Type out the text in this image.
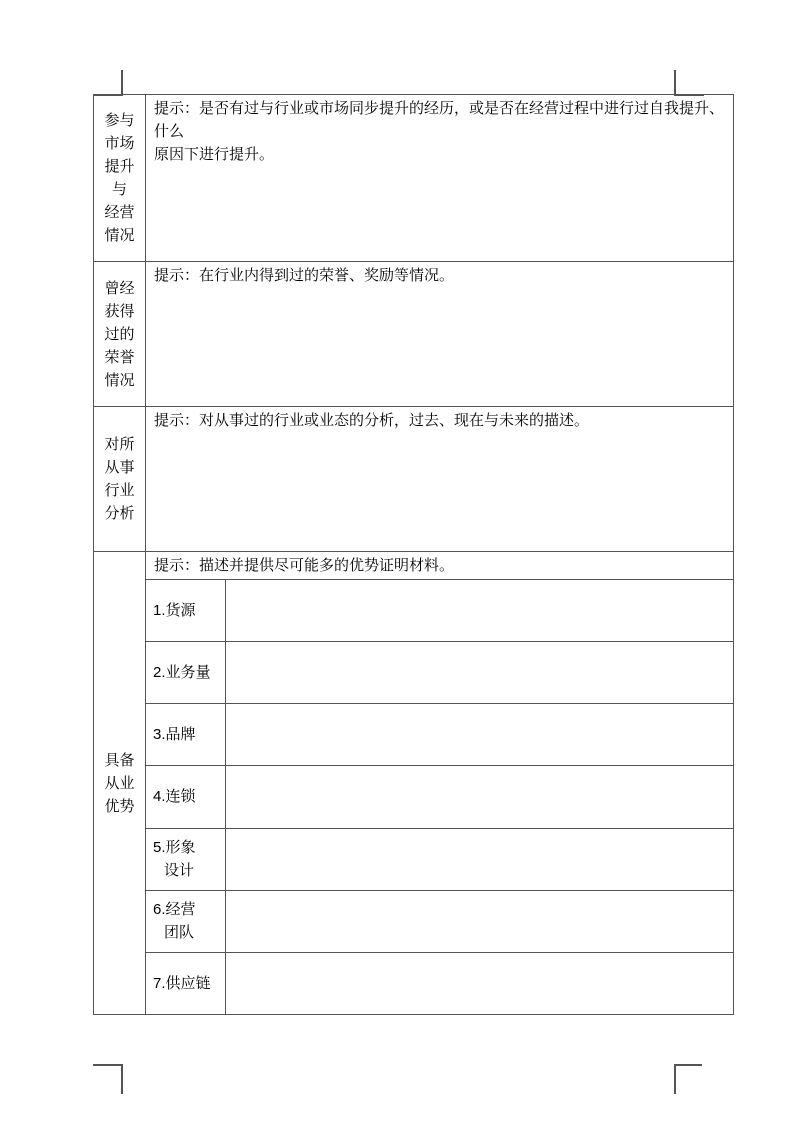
参与
市场
提升
与
经营
情况
提示：是否有过与行业或市场同步提升的经历，或是否在经营过程中进行过自我提升、什么
原因下进行提升。
曾经
获得
过的
荣誉
情况
提示：在行业内得到过的荣誉、奖励等情况。
对所
从事
行业
分析
提示：对从事过的行业或业态的分析，过去、现在与未来的描述。
具备
从业
优势
提示：描述并提供尽可能多的优势证明材料。
1.货源
2.业务量
3.品牌
4.连锁
5.形象
设计
6.经营
团队
7.供应链
